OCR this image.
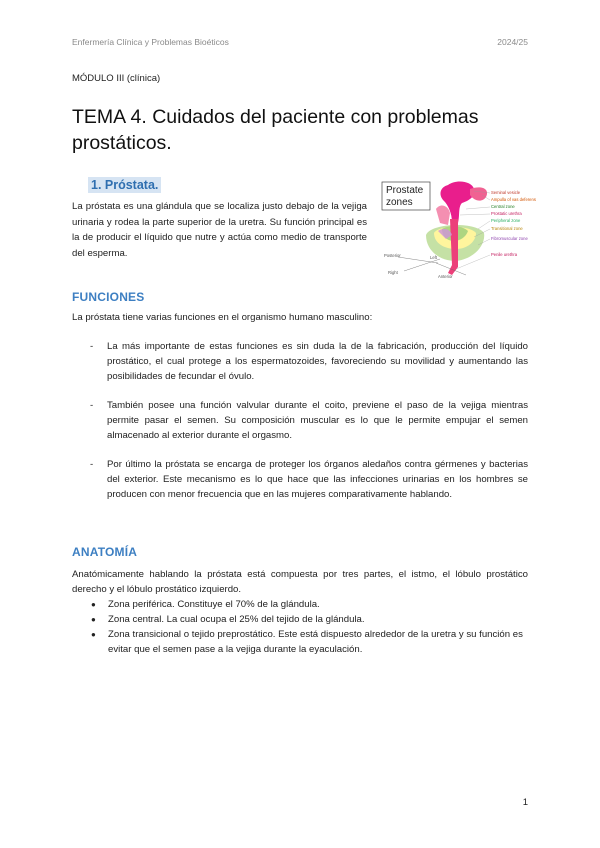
Enfermería Clínica y Problemas Bioéticos	2024/25
MÓDULO III (clínica)
TEMA 4. Cuidados del paciente con problemas prostáticos.
1. Próstata.
La próstata es una glándula que se localiza justo debajo de la vejiga urinaria y rodea la parte superior de la uretra. Su función principal es la de producir el líquido que nutre y actúa como medio de transporte del esperma.
Prostate
zones
Seminal vesicle
Ampulla of vas deferens
Central zone
Prostatic urethra
Peripheral zone
Transitional zone
Fibromuscular zone
Penile urethra
Posterior	Left
Right
Anterior
FUNCIONES
La próstata tiene varias funciones en el organismo humano masculino:
- La más importante de estas funciones es sin duda la de la fabricación, producción del líquido prostático, el cual protege a los espermatozoides, favoreciendo su movilidad y aumentando las posibilidades de fecundar el óvulo.
- También posee una función valvular durante el coito, previene el paso de la vejiga mientras permite pasar el semen. Su composición muscular es lo que le permite empujar el semen almacenado al exterior durante el orgasmo.
- Por último la próstata se encarga de proteger los órganos aledaños contra gérmenes y bacterias del exterior. Este mecanismo es lo que hace que las infecciones urinarias en los hombres se producen con menor frecuencia que en las mujeres comparativamente hablando.
ANATOMÍA
Anatómicamente hablando la próstata está compuesta por tres partes, el istmo, el lóbulo prostático derecho y el lóbulo prostático izquierdo.
● Zona periférica. Constituye el 70% de la glándula.
● Zona central. La cual ocupa el 25% del tejido de la glándula.
● Zona transicional o tejido preprostático. Este está dispuesto alrededor de la uretra y su función es evitar que el semen pase a la vejiga durante la eyaculación.
1
